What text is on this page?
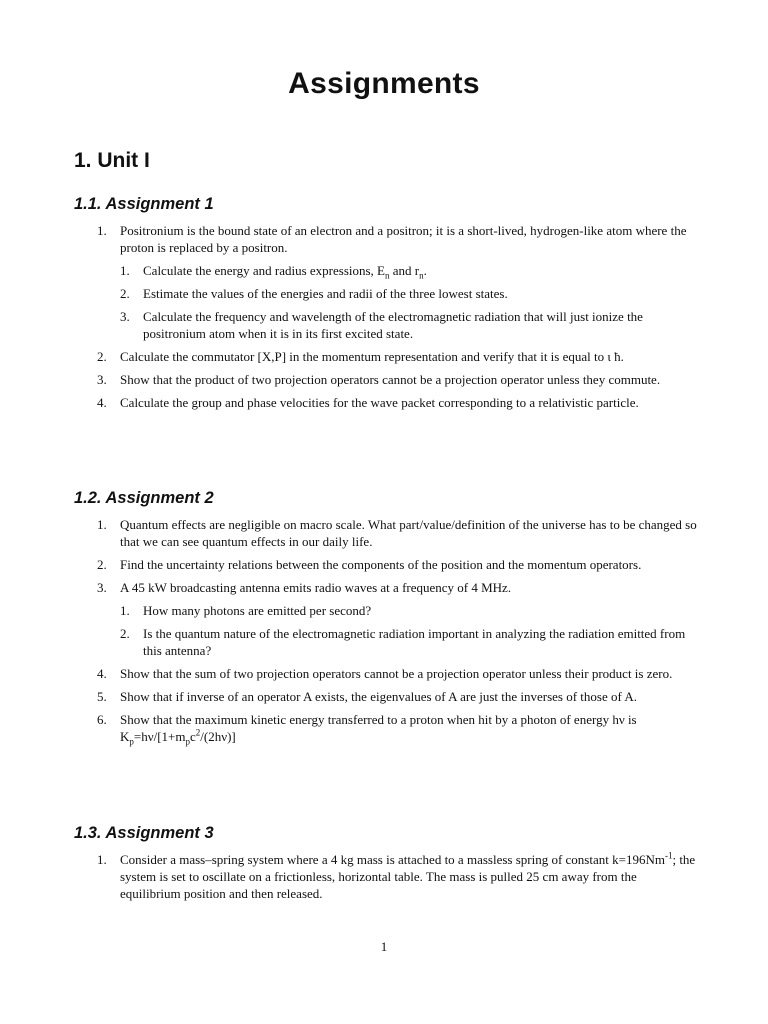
Assignments
1. Unit I
1.1. Assignment 1
1. Positronium is the bound state of an electron and a positron; it is a short-lived, hydrogen-like atom where the proton is replaced by a positron.
1. Calculate the energy and radius expressions, $E_n$ and $r_n$.
2. Estimate the values of the energies and radii of the three lowest states.
3. Calculate the frequency and wavelength of the electromagnetic radiation that will just ionize the positronium atom when it is in its first excited state.
2. Calculate the commutator [X,P] in the momentum representation and verify that it is equal to ι ħ.
3. Show that the product of two projection operators cannot be a projection operator unless they commute.
4. Calculate the group and phase velocities for the wave packet corresponding to a relativistic particle.
1.2. Assignment 2
1. Quantum effects are negligible on macro scale. What part/value/definition of the universe has to be changed so that we can see quantum effects in our daily life.
2. Find the uncertainty relations between the components of the position and the momentum operators.
3. A 45 kW broadcasting antenna emits radio waves at a frequency of 4 MHz.
1. How many photons are emitted per second?
2. Is the quantum nature of the electromagnetic radiation important in analyzing the radiation emitted from this antenna?
4. Show that the sum of two projection operators cannot be a projection operator unless their product is zero.
5. Show that if inverse of an operator A exists, the eigenvalues of A are just the inverses of those of A.
6. Show that the maximum kinetic energy transferred to a proton when hit by a photon of energy hν is $K_p=h\nu/[1+m_pc^2/(2h\nu)]$
1.3. Assignment 3
1. Consider a mass–spring system where a 4 kg mass is attached to a massless spring of constant $k=196Nm^{-1}$; the system is set to oscillate on a frictionless, horizontal table. The mass is pulled 25 cm away from the equilibrium position and then released.
1
